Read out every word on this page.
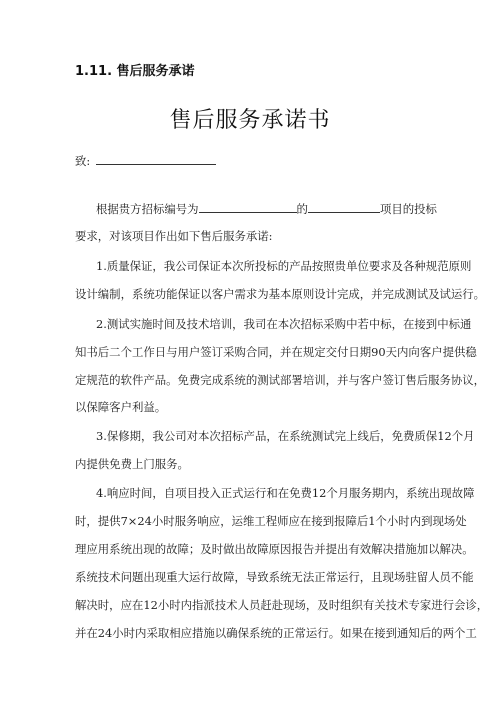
1.11. 售后服务承诺
售后服务承诺书
致:
根据贵方招标编号为	的	项目的投标
要求，对该项目作出如下售后服务承诺:
1.质量保证，我公司保证本次所投标的产品按照贵单位要求及各种规范原则
设计编制，系统功能保证以客户需求为基本原则设计完成，并完成测试及试运行。
2.测试实施时间及技术培训，我司在本次招标采购中若中标，在接到中标通
知书后二个工作日与用户签订采购合同，并在规定交付日期90天内向客户提供稳
定规范的软件产品。免费完成系统的测试部署培训，并与客户签订售后服务协议，
以保障客户利益。
3.保修期，我公司对本次招标产品，在系统测试完上线后，免费质保12个月
内提供免费上门服务。
4.响应时间，自项目投入正式运行和在免费12个月服务期内，系统出现故障
时，提供7×24小时服务响应，运维工程师应在接到报障后1个小时内到现场处
理应用系统出现的故障；及时做出故障原因报告并提出有效解决措施加以解决。
系统技术问题出现重大运行故障，导致系统无法正常运行，且现场驻留人员不能
解决时，应在12小时内指派技术人员赶赴现场，及时组织有关技术专家进行会诊，
并在24小时内采取相应措施以确保系统的正常运行。如果在接到通知后的两个工
